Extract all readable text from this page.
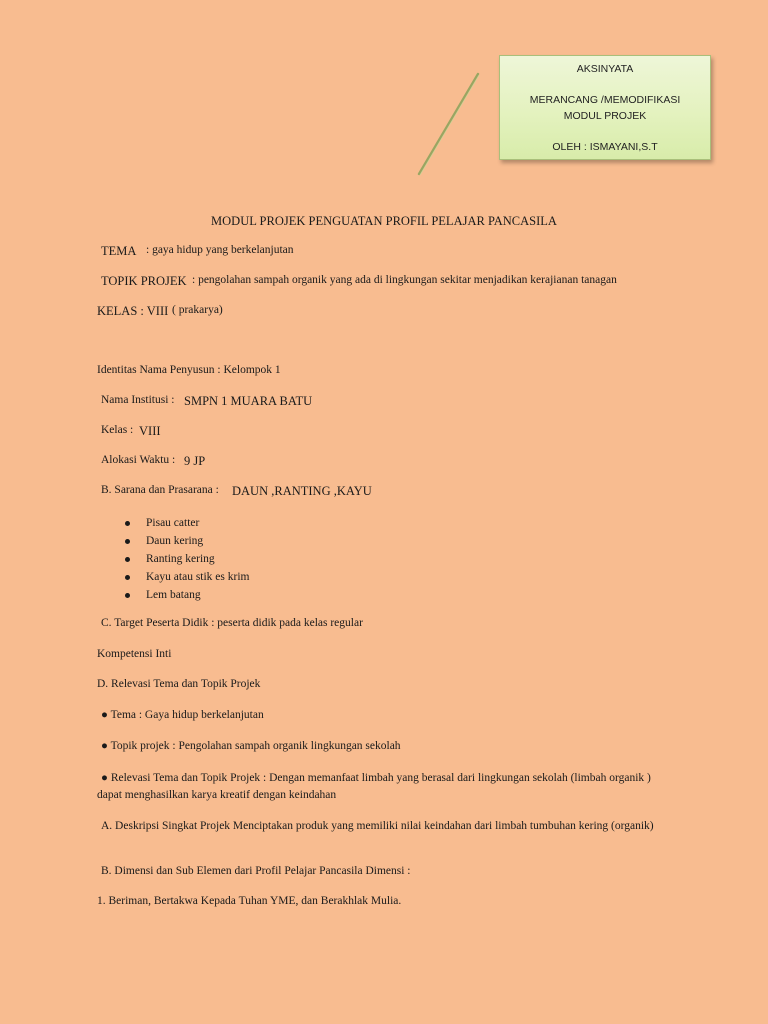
AKSINYATA
MERANCANG /MEMODIFIKASI
MODUL PROJEK
OLEH : ISMAYANI,S.T
MODUL PROJEK PENGUATAN PROFIL PELAJAR PANCASILA
TEMA : gaya hidup yang berkelanjutan
TOPIK PROJEK : pengolahan sampah organik yang ada di lingkungan sekitar menjadikan kerajianan tanagan
KELAS : VIII ( prakarya)
Identitas Nama Penyusun : Kelompok 1
Nama Institusi : SMPN 1 MUARA BATU
Kelas : VIII
Alokasi Waktu : 9 JP
B. Sarana dan Prasarana : DAUN ,RANTING ,KAYU
Pisau catter
Daun kering
Ranting kering
Kayu atau stik es krim
Lem batang
C. Target Peserta Didik : peserta didik pada kelas regular
Kompetensi Inti
D. Relevasi Tema dan Topik Projek
● Tema : Gaya hidup berkelanjutan
● Topik projek : Pengolahan sampah organik lingkungan sekolah
● Relevasi Tema dan Topik Projek : Dengan memanfaat limbah yang berasal dari lingkungan sekolah (limbah organik ) dapat menghasilkan karya kreatif dengan keindahan
A. Deskripsi Singkat Projek Menciptakan produk yang memiliki nilai keindahan dari limbah tumbuhan kering (organik)
B. Dimensi dan Sub Elemen dari Profil Pelajar Pancasila Dimensi :
1. Beriman, Bertakwa Kepada Tuhan YME, dan Berakhlak Mulia.
